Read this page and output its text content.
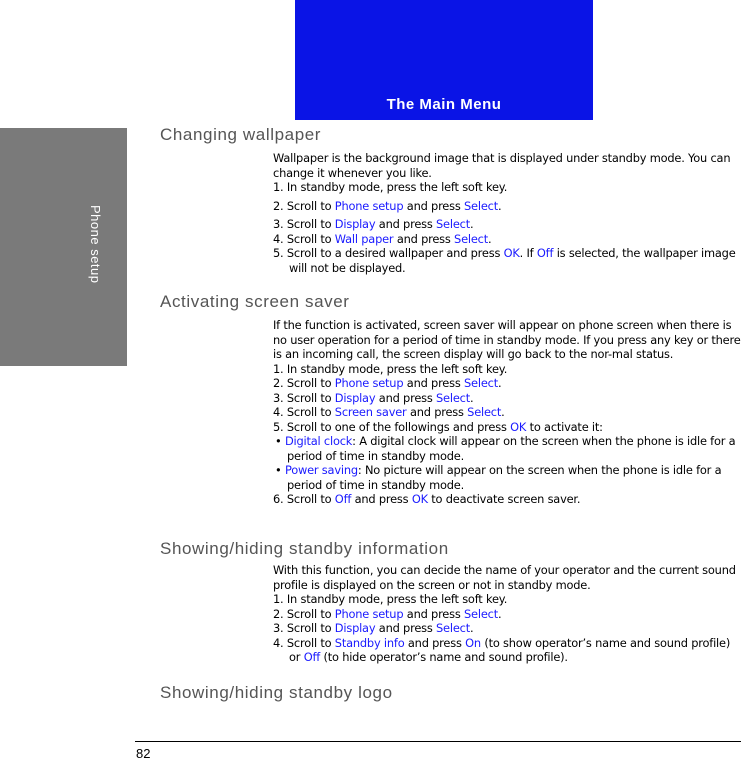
Phone setup
The Main Menu
Changing wallpaper

Wallpaper is the background image that is displayed under standby mode. You can change it whenever you like.

1. In standby mode, press the left soft key.

2. Scroll to Phone setup and press Select.

3. Scroll to Display and press Select.

4. Scroll to Wall paper and press Select.

5. Scroll to a desired wallpaper and press OK. If Off is selected, the wallpaper image will not be displayed.

Activating screen saver

If the function is activated, screen saver will appear on phone screen when there is no user operation for a period of time in standby mode. If you press any key or there is an incoming call, the screen display will go back to the nor-mal status.

1. In standby mode, press the left soft key.

2. Scroll to Phone setup and press Select.

3. Scroll to Display and press Select.

4. Scroll to Screen saver and press Select.

5. Scroll to one of the followings and press OK to activate it:

• Digital clock: A digital clock will appear on the screen when the phone is idle for a period of time in standby mode.

• Power saving: No picture will appear on the screen when the phone is idle for a period of time in standby mode.

6. Scroll to Off and press OK to deactivate screen saver.

Showing/hiding standby information

With this function, you can decide the name of your operator and the current sound profile is displayed on the screen or not in standby mode.

1. In standby mode, press the left soft key.

2. Scroll to Phone setup and press Select.

3. Scroll to Display and press Select.

4. Scroll to Standby info and press On (to show operator’s name and sound profile) or Off (to hide operator’s name and sound profile).

Showing/hiding standby logo
82
